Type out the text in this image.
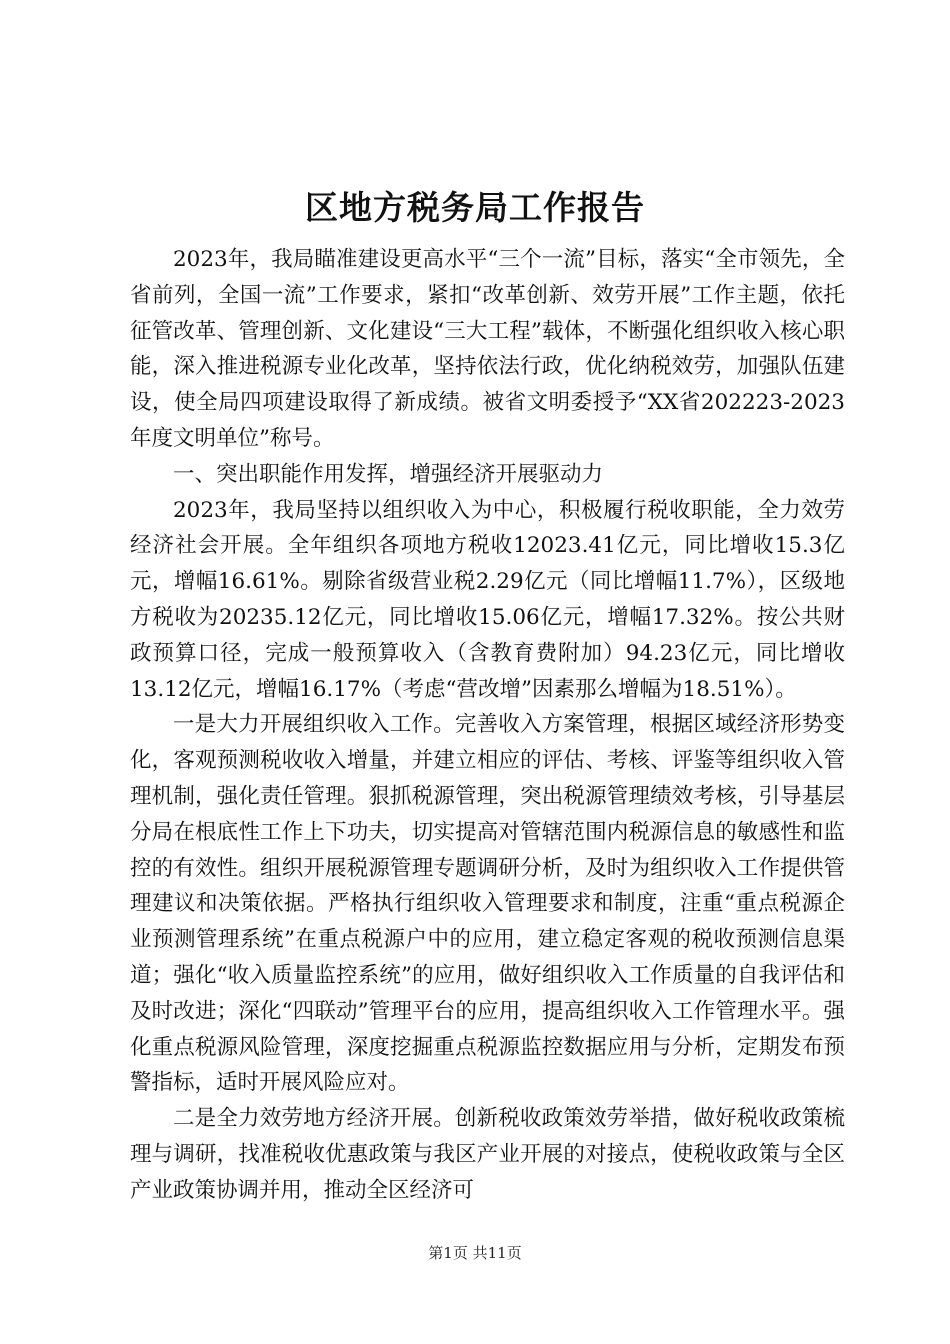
区地方税务局工作报告

2023年，我局瞄准建设更高水平“三个一流”目标，落实“全市领先，全省前列，全国一流”工作要求，紧扣“改革创新、效劳开展”工作主题，依托征管改革、管理创新、文化建设“三大工程”载体，不断强化组织收入核心职能，深入推进税源专业化改革，坚持依法行政，优化纳税效劳，加强队伍建设，使全局四项建设取得了新成绩。被省文明委授予“XX省202223-2023年度文明单位”称号。

一、突出职能作用发挥，增强经济开展驱动力

2023年，我局坚持以组织收入为中心，积极履行税收职能，全力效劳经济社会开展。全年组织各项地方税收12023.41亿元，同比增收15.3亿元，增幅16.61%。剔除省级营业税2.29亿元（同比增幅11.7%），区级地方税收为20235.12亿元，同比增收15.06亿元，增幅17.32%。按公共财政预算口径，完成一般预算收入（含教育费附加）94.23亿元，同比增收13.12亿元，增幅16.17%（考虑“营改增”因素那么增幅为18.51%）。

一是大力开展组织收入工作。完善收入方案管理，根据区域经济形势变化，客观预测税收收入增量，并建立相应的评估、考核、评鉴等组织收入管理机制，强化责任管理。狠抓税源管理，突出税源管理绩效考核，引导基层分局在根底性工作上下功夫，切实提高对管辖范围内税源信息的敏感性和监控的有效性。组织开展税源管理专题调研分析，及时为组织收入工作提供管理建议和决策依据。严格执行组织收入管理要求和制度，注重“重点税源企业预测管理系统”在重点税源户中的应用，建立稳定客观的税收预测信息渠道；强化“收入质量监控系统”的应用，做好组织收入工作质量的自我评估和及时改进；深化“四联动”管理平台的应用，提高组织收入工作管理水平。强化重点税源风险管理，深度挖掘重点税源监控数据应用与分析，定期发布预警指标，适时开展风险应对。

二是全力效劳地方经济开展。创新税收政策效劳举措，做好税收政策梳理与调研，找准税收优惠政策与我区产业开展的对接点，使税收政策与全区产业政策协调并用，推动全区经济可

第1页 共11页
